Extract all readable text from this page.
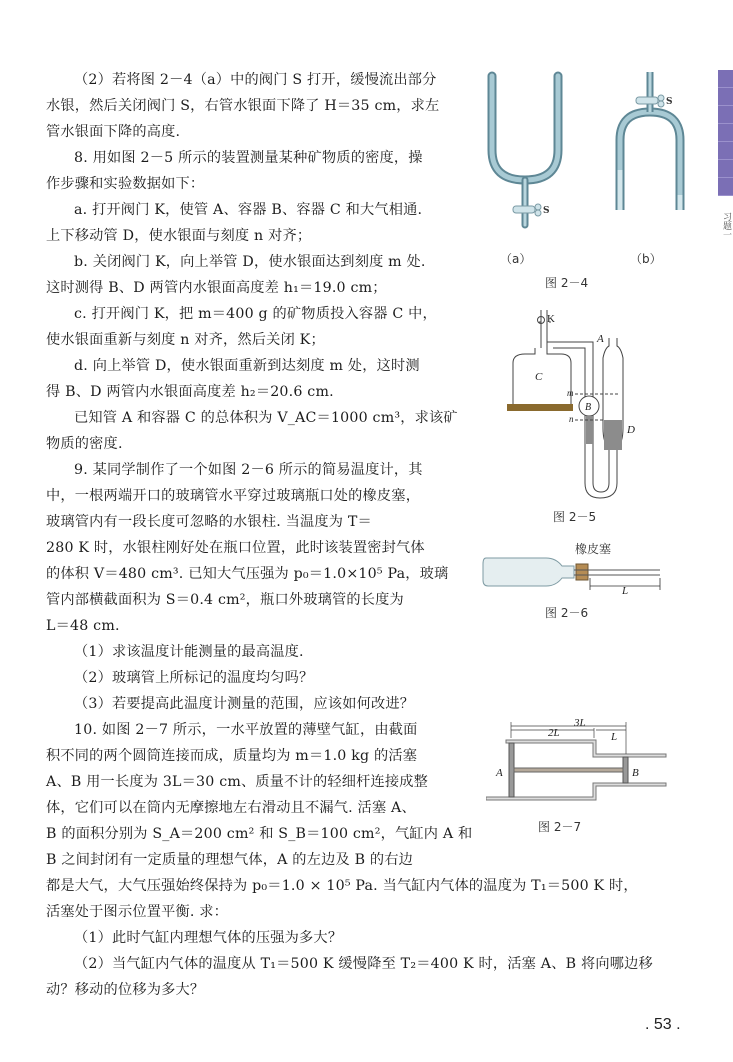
习题一
（2）若将图 2－4（a）中的阀门 S 打开，缓慢流出部分
水银，然后关闭阀门 S，右管水银面下降了 H＝35 cm，求左
管水银面下降的高度.
8. 用如图 2－5 所示的装置测量某种矿物质的密度，操
作步骤和实验数据如下：
a. 打开阀门 K，使管 A、容器 B、容器 C 和大气相通.
上下移动管 D，使水银面与刻度 n 对齐；
b. 关闭阀门 K，向上举管 D，使水银面达到刻度 m 处.
这时测得 B、D 两管内水银面高度差 h₁＝19.0 cm；
c. 打开阀门 K，把 m＝400 g 的矿物质投入容器 C 中，
使水银面重新与刻度 n 对齐，然后关闭 K；
d. 向上举管 D，使水银面重新到达刻度 m 处，这时测
得 B、D 两管内水银面高度差 h₂＝20.6 cm.
已知管 A 和容器 C 的总体积为 V_AC＝1000 cm³，求该矿
物质的密度.
9. 某同学制作了一个如图 2－6 所示的简易温度计，其
中，一根两端开口的玻璃管水平穿过玻璃瓶口处的橡皮塞，
玻璃管内有一段长度可忽略的水银柱. 当温度为 T＝
280 K 时，水银柱刚好处在瓶口位置，此时该装置密封气体
的体积 V＝480 cm³. 已知大气压强为 p₀＝1.0×10⁵ Pa，玻璃
管内部横截面积为 S＝0.4 cm²，瓶口外玻璃管的长度为
L＝48 cm.
（1）求该温度计能测量的最高温度.
（2）玻璃管上所标记的温度均匀吗？
（3）若要提高此温度计测量的范围，应该如何改进？
10. 如图 2－7 所示，一水平放置的薄壁气缸，由截面
积不同的两个圆筒连接而成，质量均为 m＝1.0 kg 的活塞
A、B 用一长度为 3L＝30 cm、质量不计的轻细杆连接成整
体，它们可以在筒内无摩擦地左右滑动且不漏气. 活塞 A、
B 的面积分别为 S_A＝200 cm² 和 S_B＝100 cm²，气缸内 A 和
B 之间封闭有一定质量的理想气体，A 的左边及 B 的右边
都是大气，大气压强始终保持为 p₀＝1.0 × 10⁵ Pa. 当气缸内气体的温度为 T₁＝500 K 时，
活塞处于图示位置平衡. 求：
（1）此时气缸内理想气体的压强为多大？
（2）当气缸内气体的温度从 T₁＝500 K 缓慢降至 T₂＝400 K 时，活塞 A、B 将向哪边移
动？移动的位移为多大？
S
S
（a）	（b）
图 2－4
K
A
C
B
D
m
n
图 2－5
L
橡皮塞
图 2－6
3L
2L	L
A	B
图 2－7
. 53 .
